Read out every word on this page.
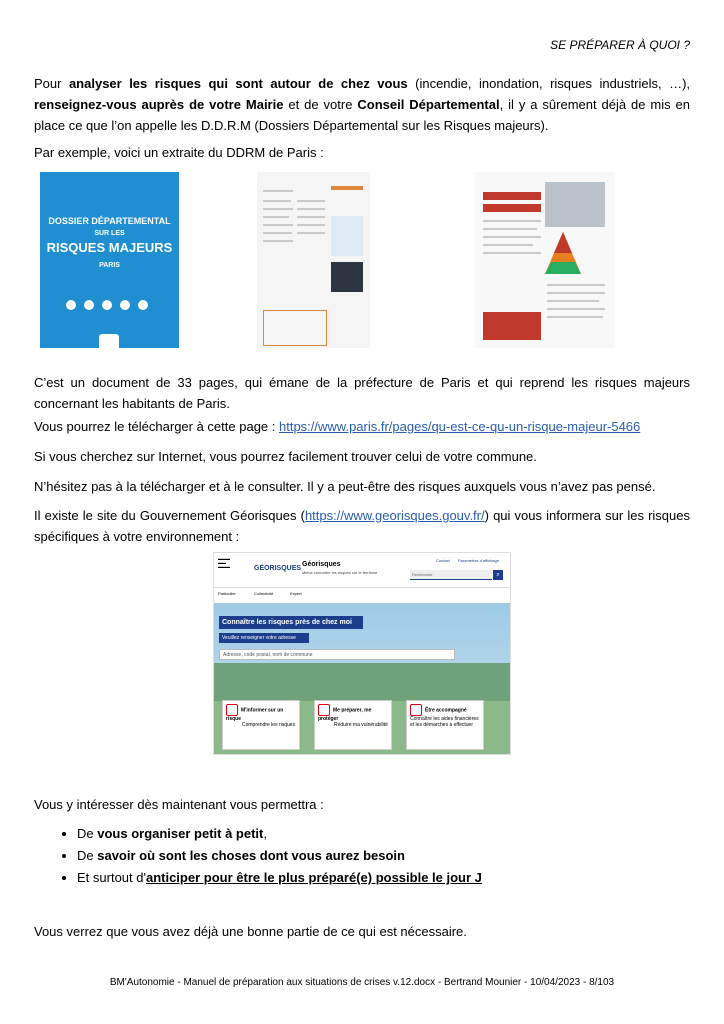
SE PRÉPARER À QUOI ?

Pour analyser les risques qui sont autour de chez vous (incendie, inondation, risques industriels, …), renseignez-vous auprès de votre Mairie et de votre Conseil Départemental, il y a sûrement déjà de mis en place ce que l’on appelle les D.D.R.M (Dossiers Départemental sur les Risques majeurs).

Par exemple, voici un extraite du DDRM de Paris :

DOSSIER DÉPARTEMENTAL
SUR LES
RISQUES MAJEURS
PARIS

C’est un document de 33 pages, qui émane de la préfecture de Paris et qui reprend les risques majeurs concernant les habitants de Paris.

Vous pourrez le télécharger à cette page : https://www.paris.fr/pages/qu-est-ce-qu-un-risque-majeur-5466

Si vous cherchez sur Internet, vous pourrez facilement trouver celui de votre commune.

N’hésitez pas à la télécharger et à le consulter. Il y a peut-être des risques auxquels vous n’avez pas pensé.

Il existe le site du Gouvernement Géorisques (https://www.georisques.gouv.fr/) qui vous informera sur les risques spécifiques à votre environnement :

▬▬▬
▬▬
▬▬▬	GÉORISQUES
Géorisques
Mieux connaître les risques sur le territoire
Contact Paramètres d'affichage
Rechercher	⌕
Particulier	Collectivité	Expert
Connaître les risques près de chez moi
Veuillez renseigner votre adresse
Adresse, code postal, nom de commune
M'informer sur un risque
Comprendre les risques
Me préparer, me protéger
Réduire ma vulnérabilité
Être accompagné
Connaître les aides financières et les démarches à effectuer

Vous y intéresser dès maintenant vous permettra :

• De vous organiser petit à petit,
• De savoir où sont les choses dont vous aurez besoin
• Et surtout d'anticiper pour être le plus préparé(e) possible le jour J

Vous verrez que vous avez déjà une bonne partie de ce qui est nécessaire.

BM'Autonomie - Manuel de préparation aux situations de crises v.12.docx - Bertrand Mounier - 10/04/2023 - 8/103
